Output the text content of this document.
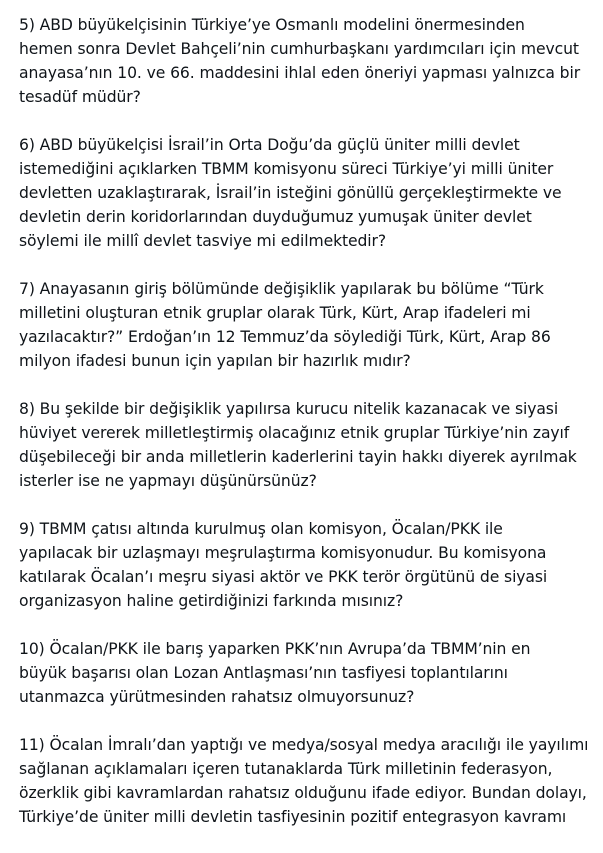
5) ABD büyükelçisinin Türkiye’ye Osmanlı modelini önermesinden
hemen sonra Devlet Bahçeli’nin cumhurbaşkanı yardımcıları için mevcut
anayasa’nın 10. ve 66. maddesini ihlal eden öneriyi yapması yalnızca bir
tesadüf müdür?

6) ABD büyükelçisi İsrail’in Orta Doğu’da güçlü üniter milli devlet
istemediğini açıklarken TBMM komisyonu süreci Türkiye’yi milli üniter
devletten uzaklaştırarak, İsrail’in isteğini gönüllü gerçekleştirmekte ve
devletin derin koridorlarından duyduğumuz yumuşak üniter devlet
söylemi ile millî devlet tasviye mi edilmektedir?

7) Anayasanın giriş bölümünde değişiklik yapılarak bu bölüme “Türk
milletini oluşturan etnik gruplar olarak Türk, Kürt, Arap ifadeleri mi
yazılacaktır?” Erdoğan’ın 12 Temmuz’da söylediği Türk, Kürt, Arap 86
milyon ifadesi bunun için yapılan bir hazırlık mıdır?

8) Bu şekilde bir değişiklik yapılırsa kurucu nitelik kazanacak ve siyasi
hüviyet vererek milletleştirmiş olacağınız etnik gruplar Türkiye’nin zayıf
düşebileceği bir anda milletlerin kaderlerini tayin hakkı diyerek ayrılmak
isterler ise ne yapmayı düşünürsünüz?

9) TBMM çatısı altında kurulmuş olan komisyon, Öcalan/PKK ile
yapılacak bir uzlaşmayı meşrulaştırma komisyonudur. Bu komisyona
katılarak Öcalan’ı meşru siyasi aktör ve PKK terör örgütünü de siyasi
organizasyon haline getirdiğinizi farkında mısınız?

10) Öcalan/PKK ile barış yaparken PKK’nın Avrupa’da TBMM’nin en
büyük başarısı olan Lozan Antlaşması’nın tasfiyesi toplantılarını
utanmazca yürütmesinden rahatsız olmuyorsunuz?

11) Öcalan İmralı’dan yaptığı ve medya/sosyal medya aracılığı ile yayılımı
sağlanan açıklamaları içeren tutanaklarda Türk milletinin federasyon,
özerklik gibi kavramlardan rahatsız olduğunu ifade ediyor. Bundan dolayı,
Türkiye’de üniter milli devletin tasfiyesinin pozitif entegrasyon kavramı
